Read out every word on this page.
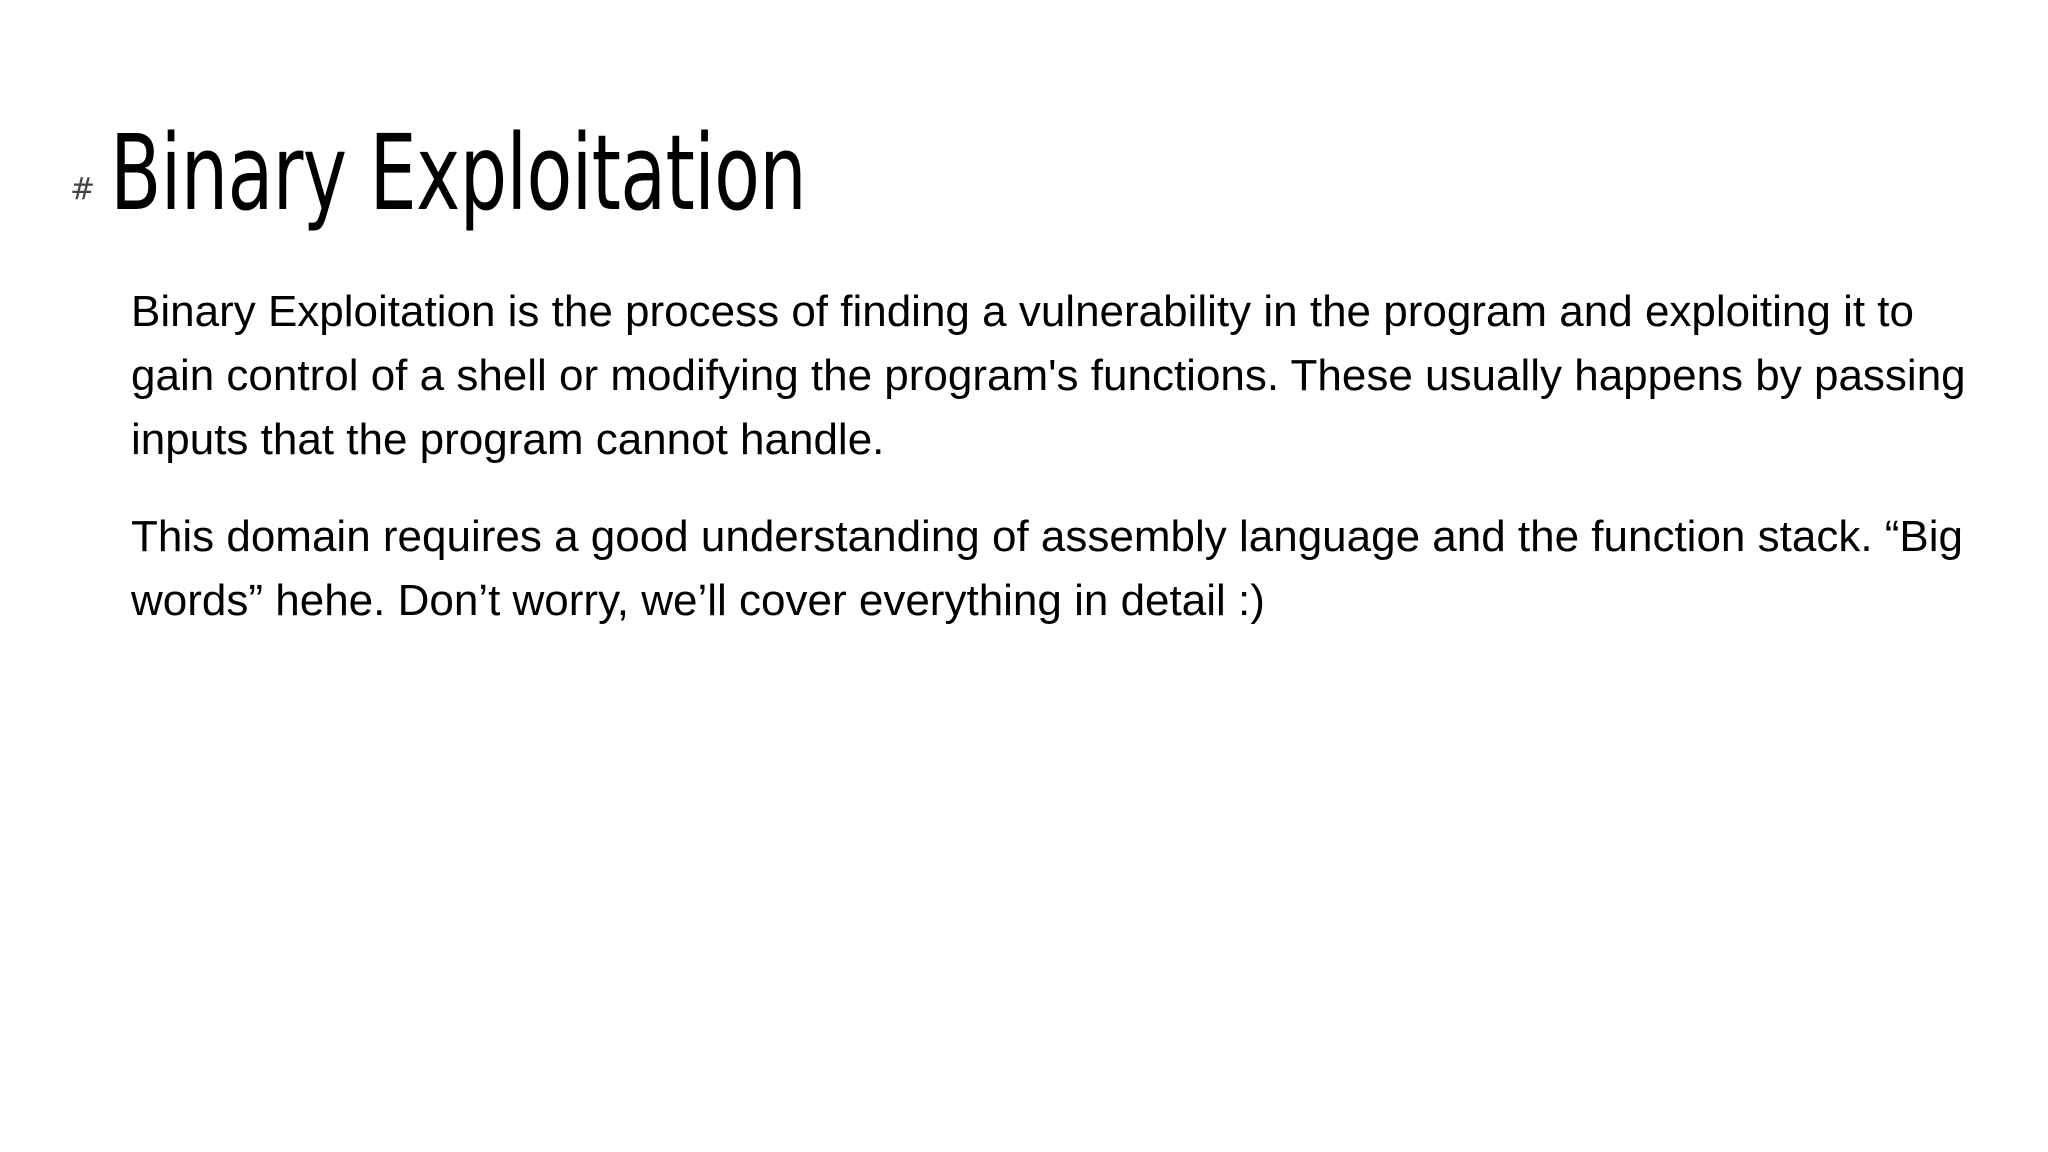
# Binary Exploitation

Binary Exploitation is the process of finding a vulnerability in the program and exploiting it to gain control of a shell or modifying the program's functions. These usually happens by passing inputs that the program cannot handle.

This domain requires a good understanding of assembly language and the function stack. “Big words” hehe. Don’t worry, we’ll cover everything in detail :)
